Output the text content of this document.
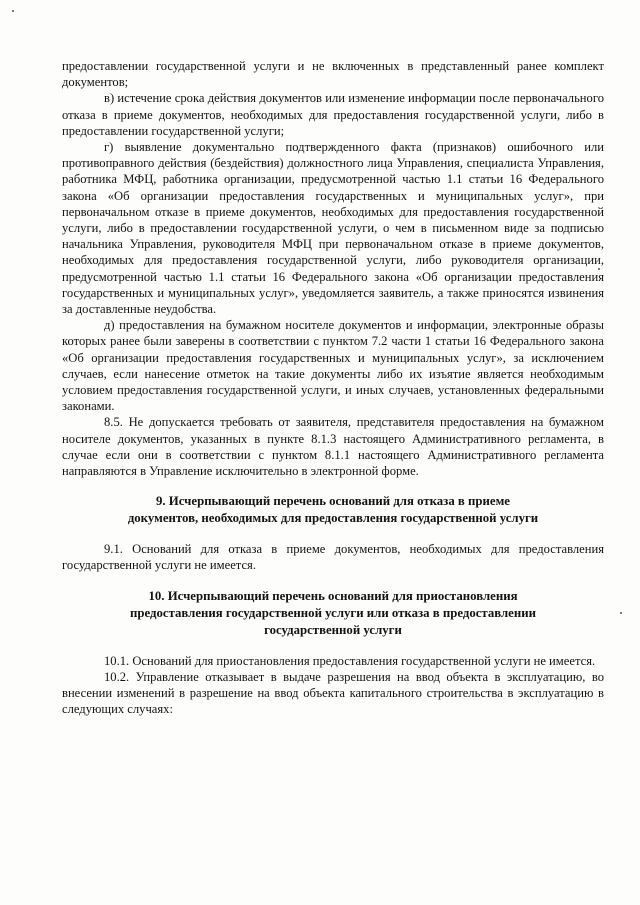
предоставлении государственной услуги и не включенных в представленный ранее комплект документов;

в) истечение срока действия документов или изменение информации после первоначального отказа в приеме документов, необходимых для предоставления государственной услуги, либо в предоставлении государственной услуги;

г) выявление документально подтвержденного факта (признаков) ошибочного или противоправного действия (бездействия) должностного лица Управления, специалиста Управления, работника МФЦ, работника организации, предусмотренной частью 1.1 статьи 16 Федерального закона «Об организации предоставления государственных и муниципальных услуг», при первоначальном отказе в приеме документов, необходимых для предоставления государственной услуги, либо в предоставлении государственной услуги, о чем в письменном виде за подписью начальника Управления, руководителя МФЦ при первоначальном отказе в приеме документов, необходимых для предоставления государственной услуги, либо руководителя организации, предусмотренной частью 1.1 статьи 16 Федерального закона «Об организации предоставления государственных и муниципальных услуг», уведомляется заявитель, а также приносятся извинения за доставленные неудобства.

д) предоставления на бумажном носителе документов и информации, электронные образы которых ранее были заверены в соответствии с пунктом 7.2 части 1 статьи 16 Федерального закона «Об организации предоставления государственных и муниципальных услуг», за исключением случаев, если нанесение отметок на такие документы либо их изъятие является необходимым условием предоставления государственной услуги, и иных случаев, установленных федеральными законами.

8.5. Не допускается требовать от заявителя, представителя предоставления на бумажном носителе документов, указанных в пункте 8.1.3 настоящего Административного регламента, в случае если они в соответствии с пунктом 8.1.1 настоящего Административного регламента направляются в Управление исключительно в электронной форме.

9. Исчерпывающий перечень оснований для отказа в приеме

документов, необходимых для предоставления государственной услуги

9.1. Оснований для отказа в приеме документов, необходимых для предоставления государственной услуги не имеется.

10. Исчерпывающий перечень оснований для приостановления

предоставления государственной услуги или отказа в предоставлении

государственной услуги

10.1. Оснований для приостановления предоставления государственной услуги не имеется.

10.2. Управление отказывает в выдаче разрешения на ввод объекта в эксплуатацию, во внесении изменений в разрешение на ввод объекта капитального строительства в эксплуатацию в следующих случаях:
